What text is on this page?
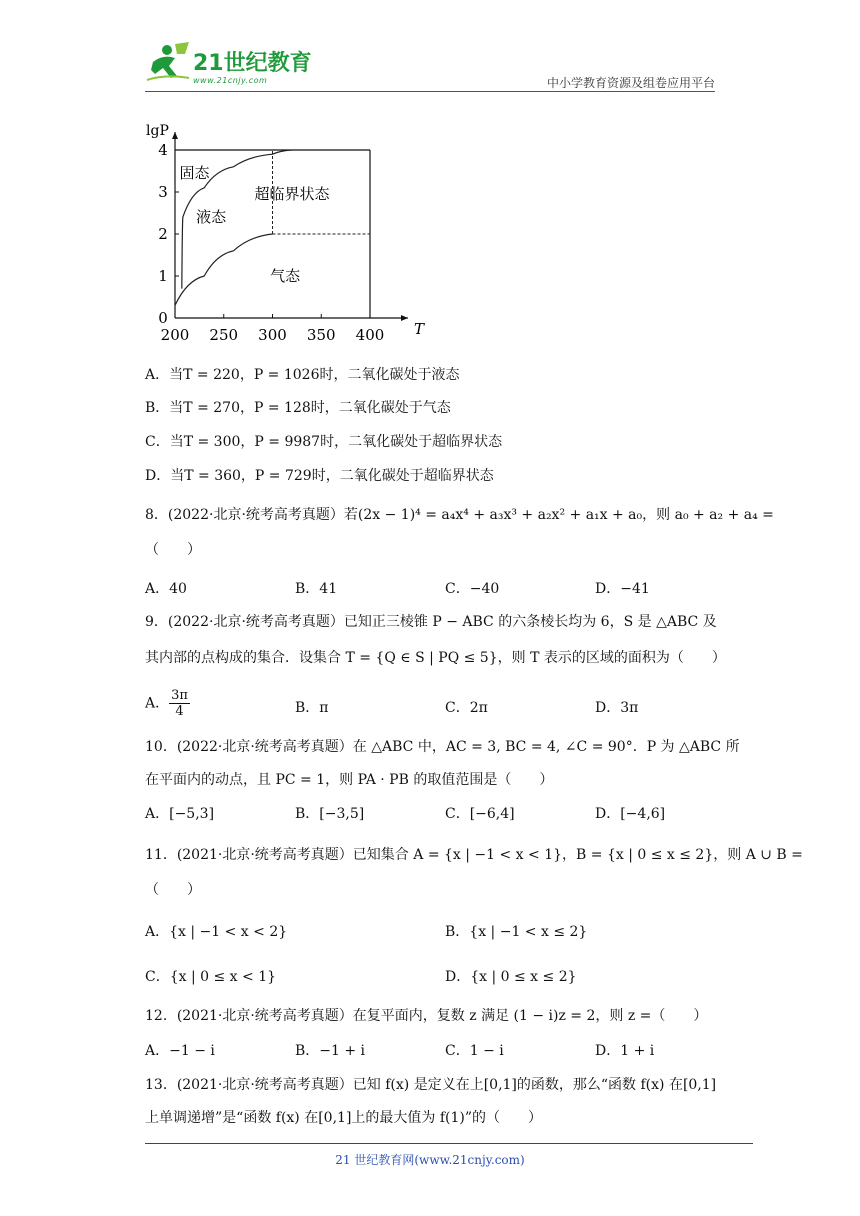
21世纪教育
www.21cnjy.com	中小学教育资源及组卷应用平台
200 250 300 350 400
0
1
2
3
4
T
lgP
固态
液态
超临界状态
气态
A．当T = 220，P = 1026时，二氧化碳处于液态
B．当T = 270，P = 128时，二氧化碳处于气态
C．当T = 300，P = 9987时，二氧化碳处于超临界状态
D．当T = 360，P = 729时，二氧化碳处于超临界状态
8．(2022·北京·统考高考真题）若(2x − 1)⁴ = a₄x⁴ + a₃x³ + a₂x² + a₁x + a₀，则 a₀ + a₂ + a₄ =
（　　）
A．40	B．41	C．−40	D．−41
9．(2022·北京·统考高考真题）已知正三棱锥 P − ABC 的六条棱长均为 6，S 是 △ABC 及
其内部的点构成的集合．设集合 T = {Q ∈ S | PQ ≤ 5}，则 T 表示的区域的面积为（　　）
A． $\frac{3\pi}{4}$	B．π	C．2π	D．3π
10．(2022·北京·统考高考真题）在 △ABC 中，AC = 3, BC = 4, ∠C = 90°．P 为 △ABC 所
在平面内的动点，且 PC = 1，则 PA · PB 的取值范围是（　　）
A．[−5,3]	B．[−3,5]	C．[−6,4]	D．[−4,6]
11．(2021·北京·统考高考真题）已知集合 A = {x | −1 < x < 1}，B = {x | 0 ≤ x ≤ 2}，则 A ∪ B =
（　　）
A．{x | −1 < x < 2}	B．{x | −1 < x ≤ 2}
C．{x | 0 ≤ x < 1}	D．{x | 0 ≤ x ≤ 2}
12．(2021·北京·统考高考真题）在复平面内，复数 z 满足 (1 − i)z = 2，则 z =（　　）
A．−1 − i	B．−1 + i	C．1 − i	D．1 + i
13．(2021·北京·统考高考真题）已知 f(x) 是定义在上[0,1]的函数，那么“函数 f(x) 在[0,1]
上单调递增”是“函数 f(x) 在[0,1]上的最大值为 f(1)”的（　　）
21 世纪教育网(www.21cnjy.com)
